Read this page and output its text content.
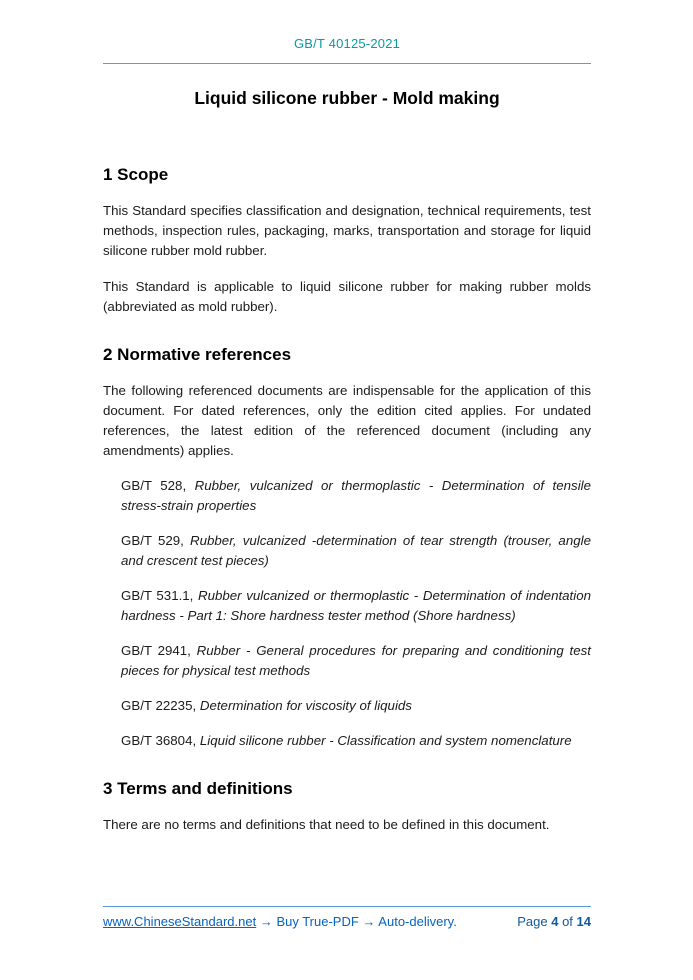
GB/T 40125-2021
Liquid silicone rubber - Mold making
1 Scope

This Standard specifies classification and designation, technical requirements, test methods, inspection rules, packaging, marks, transportation and storage for liquid silicone rubber mold rubber.

This Standard is applicable to liquid silicone rubber for making rubber molds (abbreviated as mold rubber).

2 Normative references

The following referenced documents are indispensable for the application of this document. For dated references, only the edition cited applies. For undated references, the latest edition of the referenced document (including any amendments) applies.

GB/T 528, Rubber, vulcanized or thermoplastic - Determination of tensile stress-strain properties

GB/T 529, Rubber, vulcanized -determination of tear strength (trouser, angle and crescent test pieces)

GB/T 531.1, Rubber vulcanized or thermoplastic - Determination of indentation hardness - Part 1: Shore hardness tester method (Shore hardness)

GB/T 2941, Rubber - General procedures for preparing and conditioning test pieces for physical test methods

GB/T 22235, Determination for viscosity of liquids

GB/T 36804, Liquid silicone rubber - Classification and system nomenclature

3 Terms and definitions

There are no terms and definitions that need to be defined in this document.

www.ChineseStandard.net → Buy True-PDF → Auto-delivery.	Page 4 of 14
